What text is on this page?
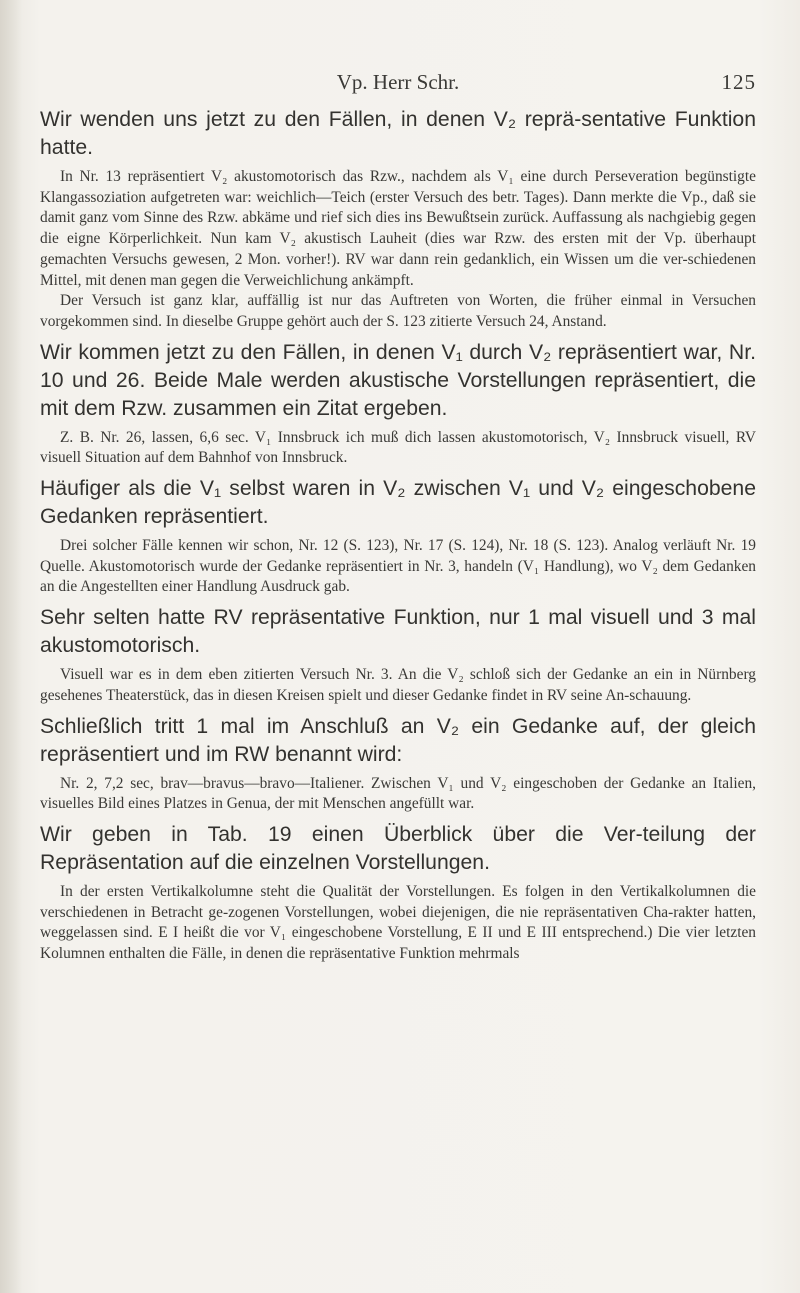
Vp. Herr Schr.	125

Wir wenden uns jetzt zu den Fällen, in denen V₂ reprä-sentative Funktion hatte.

In Nr. 13 repräsentiert V₂ akustomotorisch das Rzw., nachdem als V₁ eine durch Perseveration begünstigte Klangassoziation aufgetreten war: weichlich—Teich (erster Versuch des betr. Tages). Dann merkte die Vp., daß sie damit ganz vom Sinne des Rzw. abkäme und rief sich dies ins Bewußtsein zurück. Auffassung als nachgiebig gegen die eigne Körperlichkeit. Nun kam V₂ akustisch Lauheit (dies war Rzw. des ersten mit der Vp. überhaupt gemachten Versuchs gewesen, 2 Mon. vorher!). RV war dann rein gedanklich, ein Wissen um die ver-schiedenen Mittel, mit denen man gegen die Verweichlichung ankämpft.

Der Versuch ist ganz klar, auffällig ist nur das Auftreten von Worten, die früher einmal in Versuchen vorgekommen sind. In dieselbe Gruppe gehört auch der S. 123 zitierte Versuch 24, Anstand.

Wir kommen jetzt zu den Fällen, in denen V₁ durch V₂ repräsentiert war, Nr. 10 und 26. Beide Male werden akustische Vorstellungen repräsentiert, die mit dem Rzw. zusammen ein Zitat ergeben.

Z. B. Nr. 26, lassen, 6,6 sec. V₁ Innsbruck ich muß dich lassen akustomotorisch, V₂ Innsbruck visuell, RV visuell Situation auf dem Bahnhof von Innsbruck.

Häufiger als die V₁ selbst waren in V₂ zwischen V₁ und V₂ eingeschobene Gedanken repräsentiert.

Drei solcher Fälle kennen wir schon, Nr. 12 (S. 123), Nr. 17 (S. 124), Nr. 18 (S. 123). Analog verläuft Nr. 19 Quelle. Akustomotorisch wurde der Gedanke repräsentiert in Nr. 3, handeln (V₁ Handlung), wo V₂ dem Gedanken an die Angestellten einer Handlung Ausdruck gab.

Sehr selten hatte RV repräsentative Funktion, nur 1 mal visuell und 3 mal akustomotorisch.

Visuell war es in dem eben zitierten Versuch Nr. 3. An die V₂ schloß sich der Gedanke an ein in Nürnberg gesehenes Theaterstück, das in diesen Kreisen spielt und dieser Gedanke findet in RV seine An-schauung.

Schließlich tritt 1 mal im Anschluß an V₂ ein Gedanke auf, der gleich repräsentiert und im RW benannt wird:

Nr. 2, 7,2 sec, brav—bravus—bravo—Italiener. Zwischen V₁ und V₂ eingeschoben der Gedanke an Italien, visuelles Bild eines Platzes in Genua, der mit Menschen angefüllt war.

Wir geben in Tab. 19 einen Überblick über die Ver-teilung der Repräsentation auf die einzelnen Vorstellungen.

In der ersten Vertikalkolumne steht die Qualität der Vorstellungen. Es folgen in den Vertikalkolumnen die verschiedenen in Betracht ge-zogenen Vorstellungen, wobei diejenigen, die nie repräsentativen Cha-rakter hatten, weggelassen sind. E I heißt die vor V₁ eingeschobene Vorstellung, E II und E III entsprechend.) Die vier letzten Kolumnen enthalten die Fälle, in denen die repräsentative Funktion mehrmals
